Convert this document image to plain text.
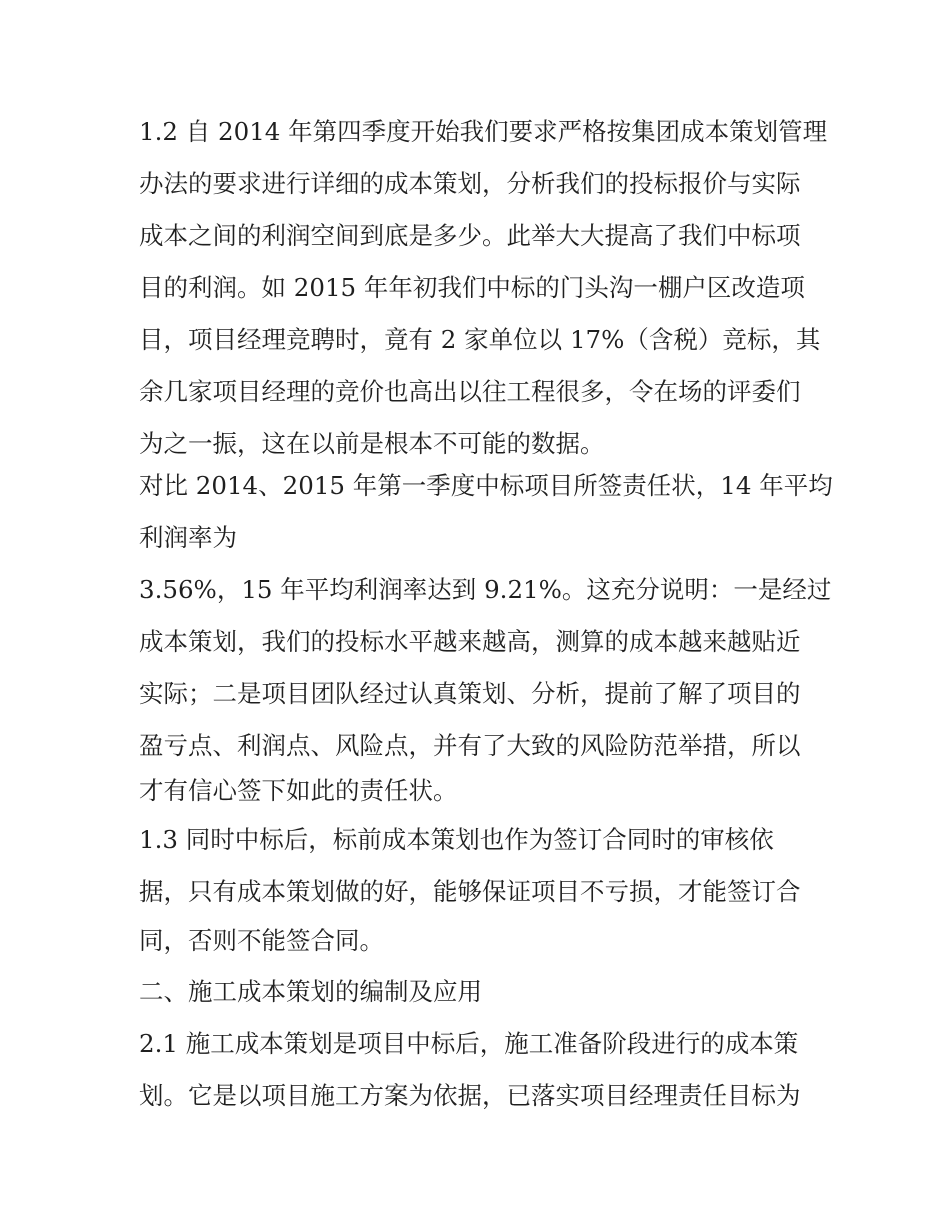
1.2 自 2014 年第四季度开始我们要求严格按集团成本策划管理
办法的要求进行详细的成本策划，分析我们的投标报价与实际
成本之间的利润空间到底是多少。此举大大提高了我们中标项
目的利润。如 2015 年年初我们中标的门头沟一棚户区改造项
目，项目经理竞聘时，竟有 2 家单位以 17%（含税）竞标，其
余几家项目经理的竞价也高出以往工程很多，令在场的评委们
为之一振，这在以前是根本不可能的数据。
对比 2014、2015 年第一季度中标项目所签责任状，14 年平均
利润率为
3.56%，15 年平均利润率达到 9.21%。这充分说明：一是经过
成本策划，我们的投标水平越来越高，测算的成本越来越贴近
实际；二是项目团队经过认真策划、分析，提前了解了项目的
盈亏点、利润点、风险点，并有了大致的风险防范举措，所以
才有信心签下如此的责任状。
1.3 同时中标后，标前成本策划也作为签订合同时的审核依
据，只有成本策划做的好，能够保证项目不亏损，才能签订合
同，否则不能签合同。
二、施工成本策划的编制及应用
2.1 施工成本策划是项目中标后，施工准备阶段进行的成本策
划。它是以项目施工方案为依据，已落实项目经理责任目标为
